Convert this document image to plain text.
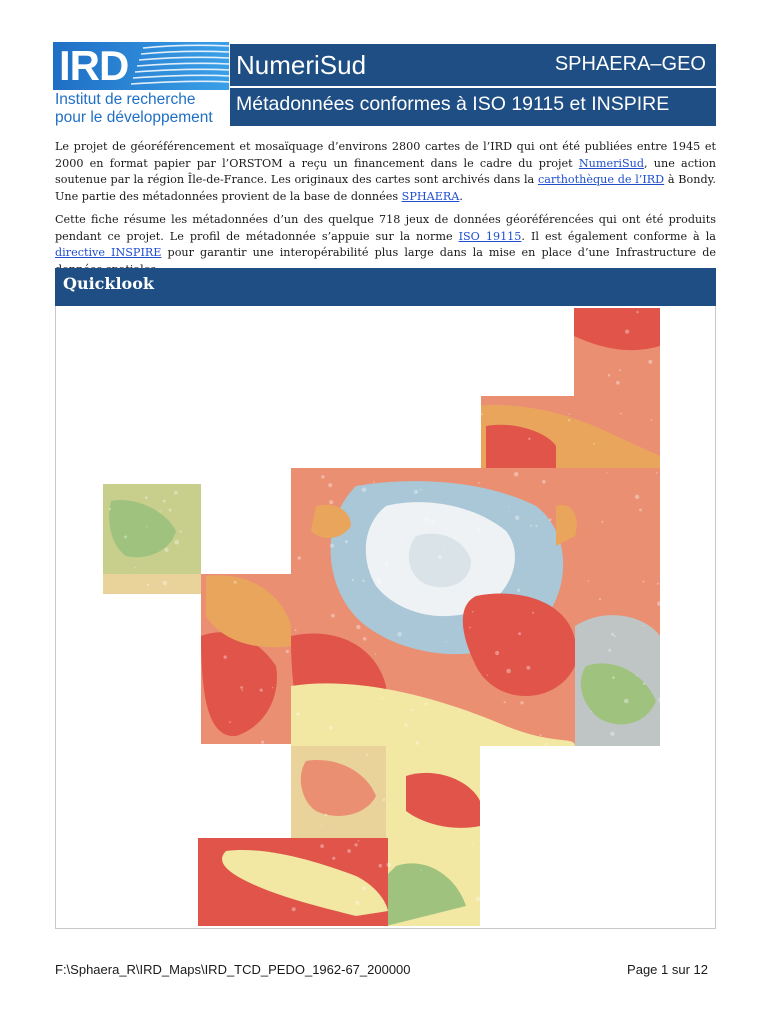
IRD
Institut de recherche
pour le développement
NumeriSud	SPHAERA–GEO
Métadonnées conformes à ISO 19115 et INSPIRE

Le projet de géoréférencement et mosaïquage d’environs 2800 cartes de l’IRD qui ont été publiées entre 1945 et 2000 en format papier par l’ORSTOM a reçu un financement dans le cadre du projet NumeriSud, une action soutenue par la région Île-de-France. Les originaux des cartes sont archivés dans la carthothèque de l’IRD à Bondy. Une partie des métadonnées provient de la base de données SPHAERA.

Cette fiche résume les métadonnées d’un des quelque 718 jeux de données géoréférencées qui ont été produits pendant ce projet. Le profil de métadonnée s’appuie sur la norme ISO 19115. Il est également conforme à la directive INSPIRE pour garantir une interopérabilité plus large dans la mise en place d’une Infrastructure de

Quicklook
F:\Sphaera_R\IRD_Maps\IRD_TCD_PEDO_1962-67_200000	Page 1 sur 12
